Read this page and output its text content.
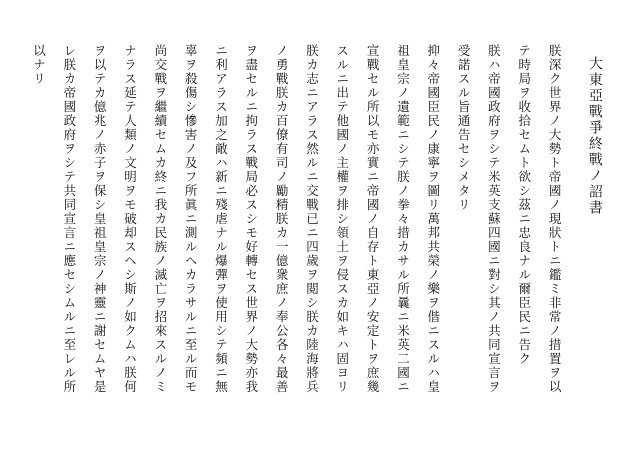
大東亞戰爭終戰ノ詔書
朕深ク世界ノ大勢ト帝國ノ現狀トニ鑑ミ非常ノ措置ヲ以
テ時局ヲ收拾セムト欲シ茲ニ忠良ナル爾臣民ニ告ク
朕ハ帝國政府ヲシテ米英支蘇四國ニ對シ其ノ共同宣言ヲ
受諾スル旨通告セシメタリ
抑々帝國臣民ノ康寧ヲ圖リ萬邦共榮ノ樂ヲ偕ニスルハ皇
祖皇宗ノ遺範ニシテ朕ノ拳々措カサル所曩ニ米英二國ニ
宣戰セル所以モ亦實ニ帝國ノ自存ト東亞ノ安定トヲ庶幾
スルニ出テ他國ノ主權ヲ排シ領土ヲ侵スカ如キハ固ヨリ
朕カ志ニアラス然ルニ交戰已ニ四歲ヲ閲シ朕カ陸海將兵
ノ勇戰朕カ百僚有司ノ勵精朕カ一億衆庶ノ奉公各々最善
ヲ盡セルニ拘ラス戰局必スシモ好轉セス世界ノ大勢亦我
ニ利アラス加之敵ハ新ニ殘虐ナル爆彈ヲ使用シテ頻ニ無
辜ヲ殺傷シ慘害ノ及フ所眞ニ測ルヘカラサルニ至ル而モ
尚交戰ヲ繼續セムカ終ニ我カ民族ノ滅亡ヲ招來スルノミ
ナラス延テ人類ノ文明ヲモ破却スヘシ斯ノ如クムハ朕何
ヲ以テカ億兆ノ赤子ヲ保シ皇祖皇宗ノ神靈ニ謝セムヤ是
レ朕カ帝國政府ヲシテ共同宣言ニ應セシムルニ至レル所
以ナリ
